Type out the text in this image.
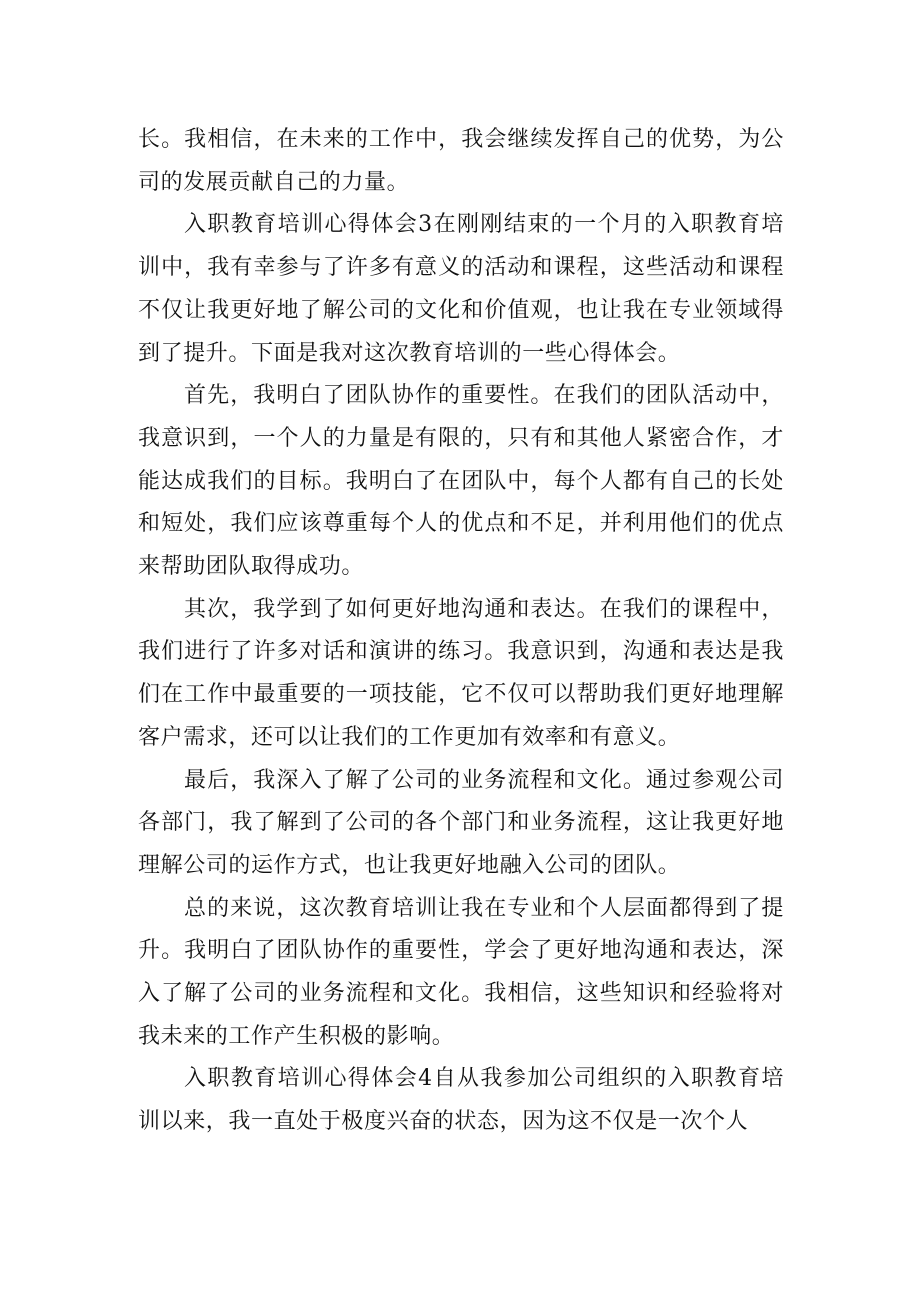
长。我相信，在未来的工作中，我会继续发挥自己的优势，为公司的发展贡献自己的力量。

入职教育培训心得体会3在刚刚结束的一个月的入职教育培训中，我有幸参与了许多有意义的活动和课程，这些活动和课程不仅让我更好地了解公司的文化和价值观，也让我在专业领域得到了提升。下面是我对这次教育培训的一些心得体会。

首先，我明白了团队协作的重要性。在我们的团队活动中，我意识到，一个人的力量是有限的，只有和其他人紧密合作，才能达成我们的目标。我明白了在团队中，每个人都有自己的长处和短处，我们应该尊重每个人的优点和不足，并利用他们的优点来帮助团队取得成功。

其次，我学到了如何更好地沟通和表达。在我们的课程中，我们进行了许多对话和演讲的练习。我意识到，沟通和表达是我们在工作中最重要的一项技能，它不仅可以帮助我们更好地理解客户需求，还可以让我们的工作更加有效率和有意义。

最后，我深入了解了公司的业务流程和文化。通过参观公司各部门，我了解到了公司的各个部门和业务流程，这让我更好地理解公司的运作方式，也让我更好地融入公司的团队。

总的来说，这次教育培训让我在专业和个人层面都得到了提升。我明白了团队协作的重要性，学会了更好地沟通和表达，深入了解了公司的业务流程和文化。我相信，这些知识和经验将对我未来的工作产生积极的影响。

入职教育培训心得体会4自从我参加公司组织的入职教育培训以来，我一直处于极度兴奋的状态，因为这不仅是一次个人
